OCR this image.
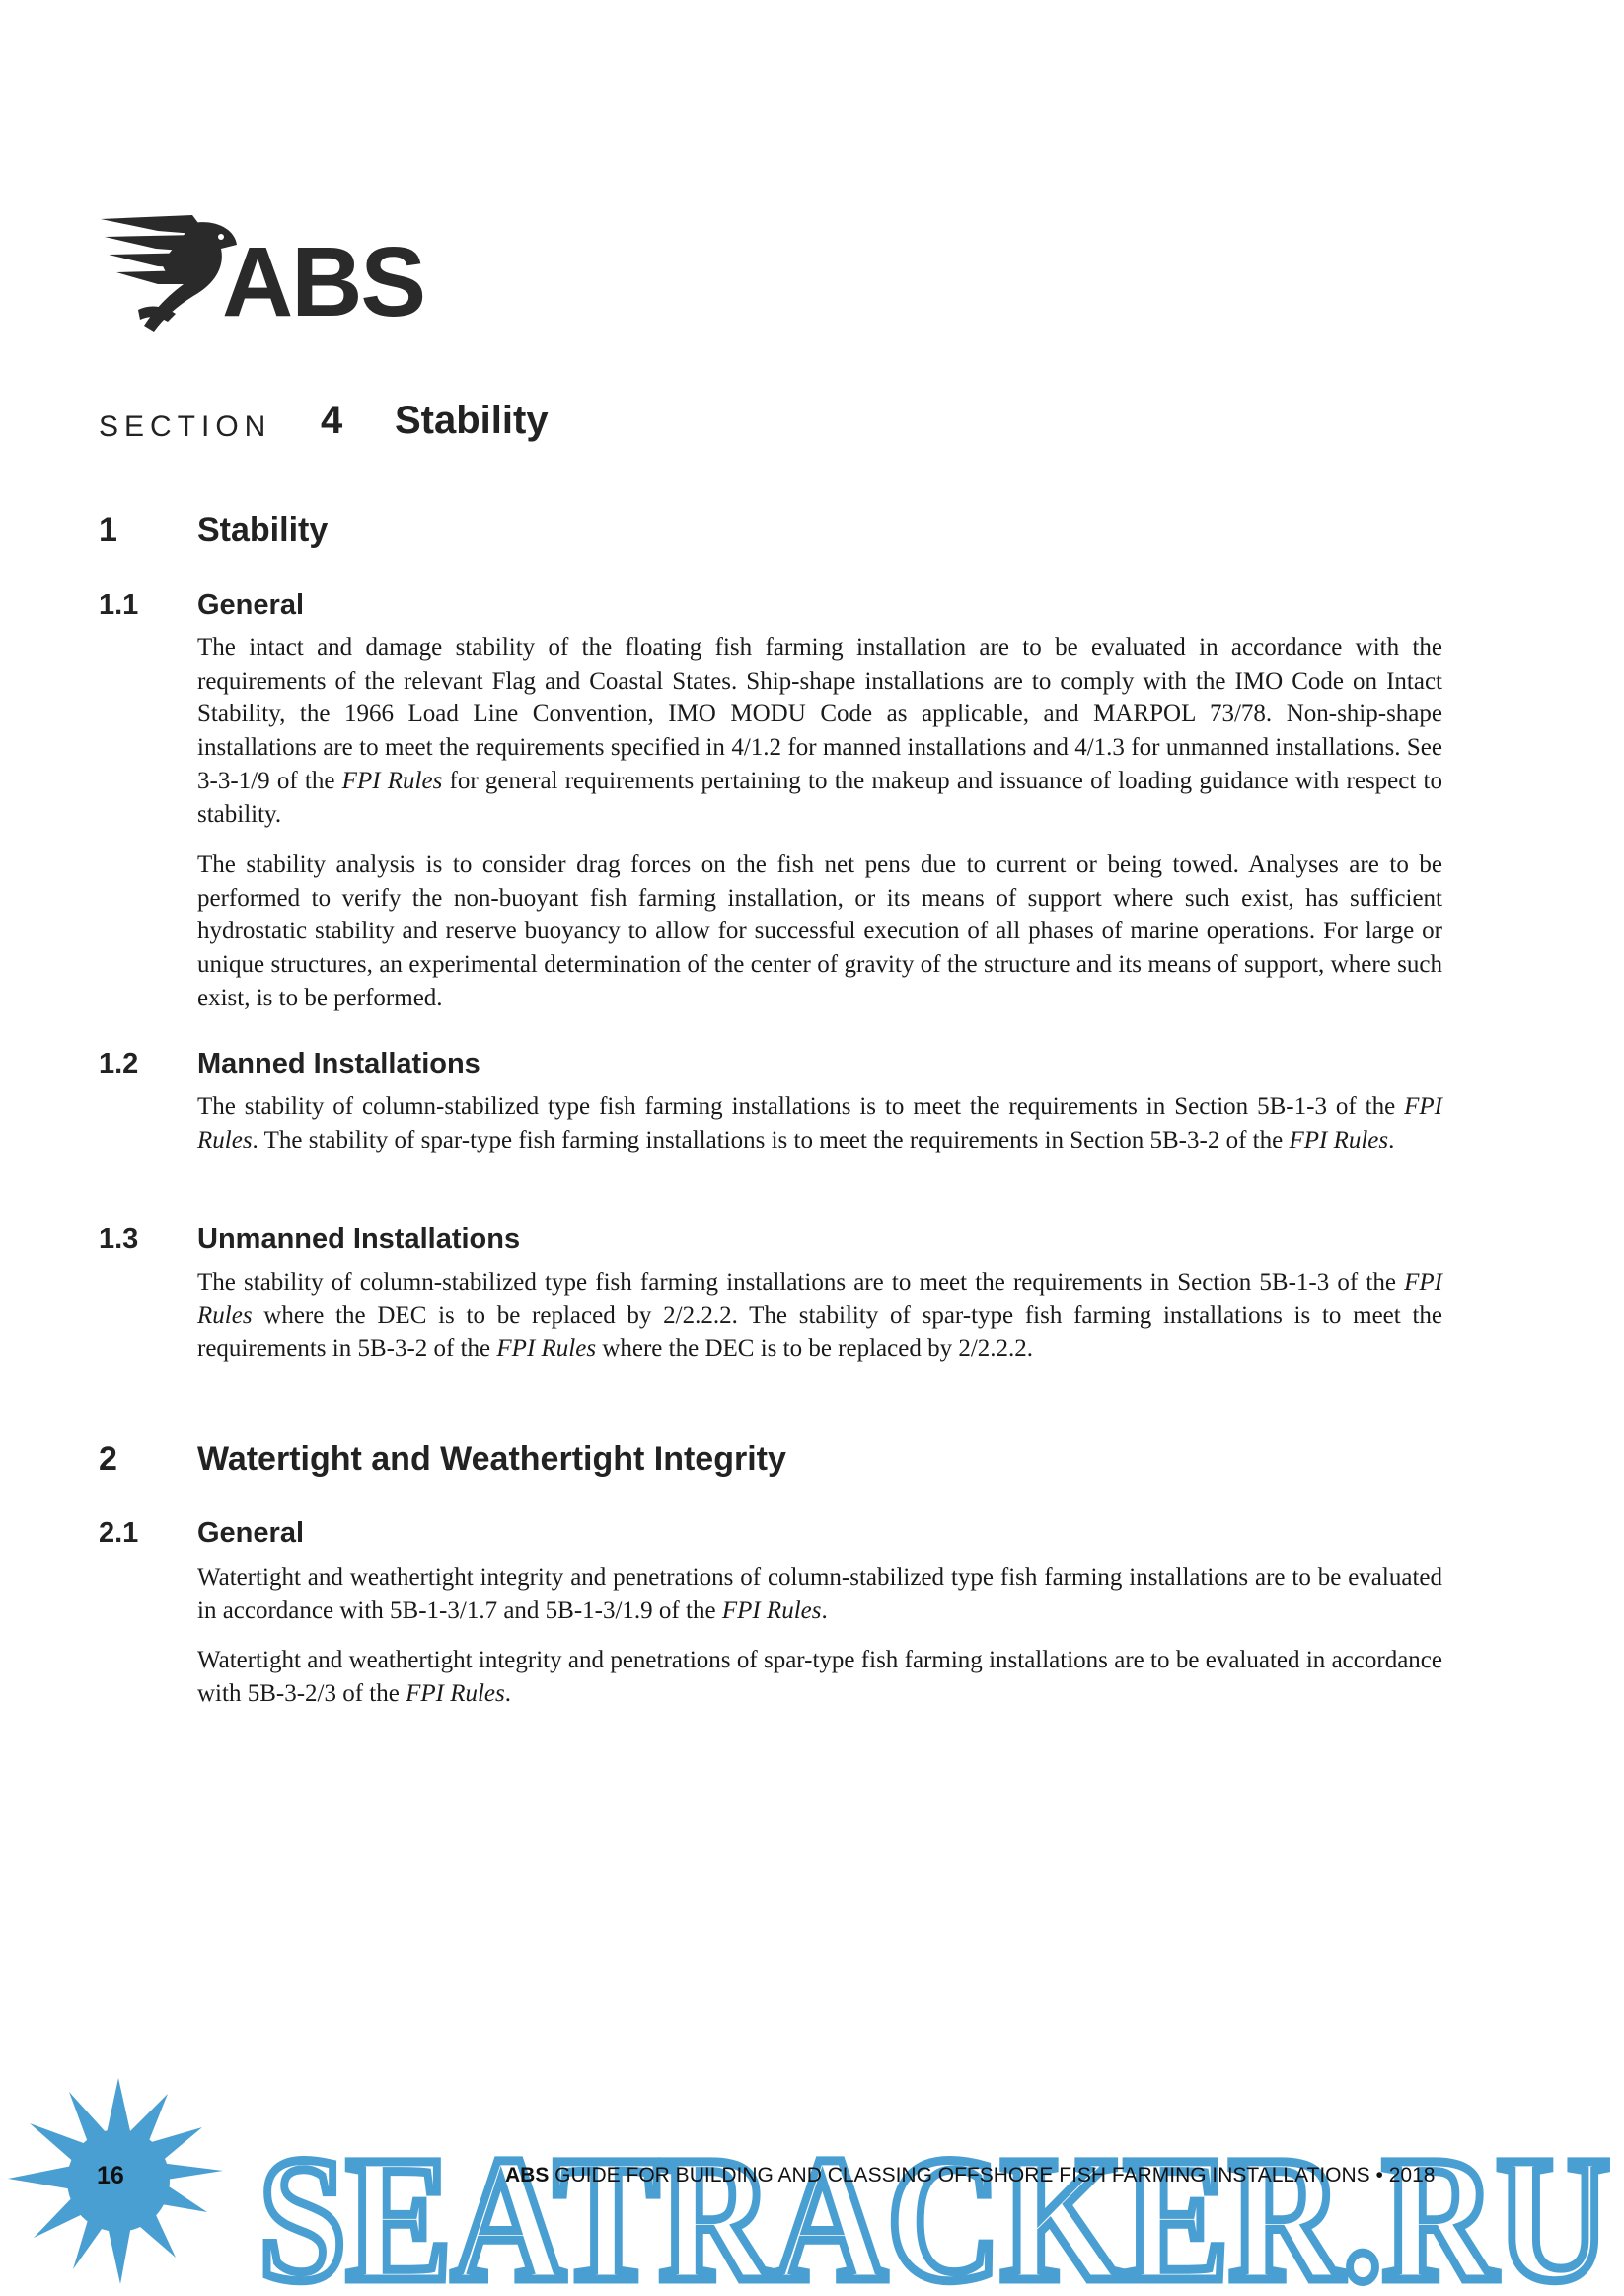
ABS
SECTION 4 Stability
1 Stability
1.1 General

The intact and damage stability of the floating fish farming installation are to be evaluated in accordance with the requirements of the relevant Flag and Coastal States. Ship-shape installations are to comply with the IMO Code on Intact Stability, the 1966 Load Line Convention, IMO MODU Code as applicable, and MARPOL 73/78. Non-ship-shape installations are to meet the requirements specified in 4/1.2 for manned installations and 4/1.3 for unmanned installations. See 3-3-1/9 of the FPI Rules for general requirements pertaining to the makeup and issuance of loading guidance with respect to stability.

The stability analysis is to consider drag forces on the fish net pens due to current or being towed. Analyses are to be performed to verify the non-buoyant fish farming installation, or its means of support where such exist, has sufficient hydrostatic stability and reserve buoyancy to allow for successful execution of all phases of marine operations. For large or unique structures, an experimental determination of the center of gravity of the structure and its means of support, where such exist, is to be performed.

1.2 Manned Installations

The stability of column-stabilized type fish farming installations is to meet the requirements in Section 5B-1-3 of the FPI Rules. The stability of spar-type fish farming installations is to meet the requirements in Section 5B-3-2 of the FPI Rules.

1.3 Unmanned Installations

The stability of column-stabilized type fish farming installations are to meet the requirements in Section 5B-1-3 of the FPI Rules where the DEC is to be replaced by 2/2.2.2. The stability of spar-type fish farming installations is to meet the requirements in 5B-3-2 of the FPI Rules where the DEC is to be replaced by 2/2.2.2.

2 Watertight and Weathertight Integrity
2.1 General

Watertight and weathertight integrity and penetrations of column-stabilized type fish farming installations are to be evaluated in accordance with 5B-1-3/1.7 and 5B-1-3/1.9 of the FPI Rules.

Watertight and weathertight integrity and penetrations of spar-type fish farming installations are to be evaluated in accordance with 5B-3-2/3 of the FPI Rules.

SEATRACKER.RU
16	ABS GUIDE FOR BUILDING AND CLASSING OFFSHORE FISH FARMING INSTALLATIONS • 2018
